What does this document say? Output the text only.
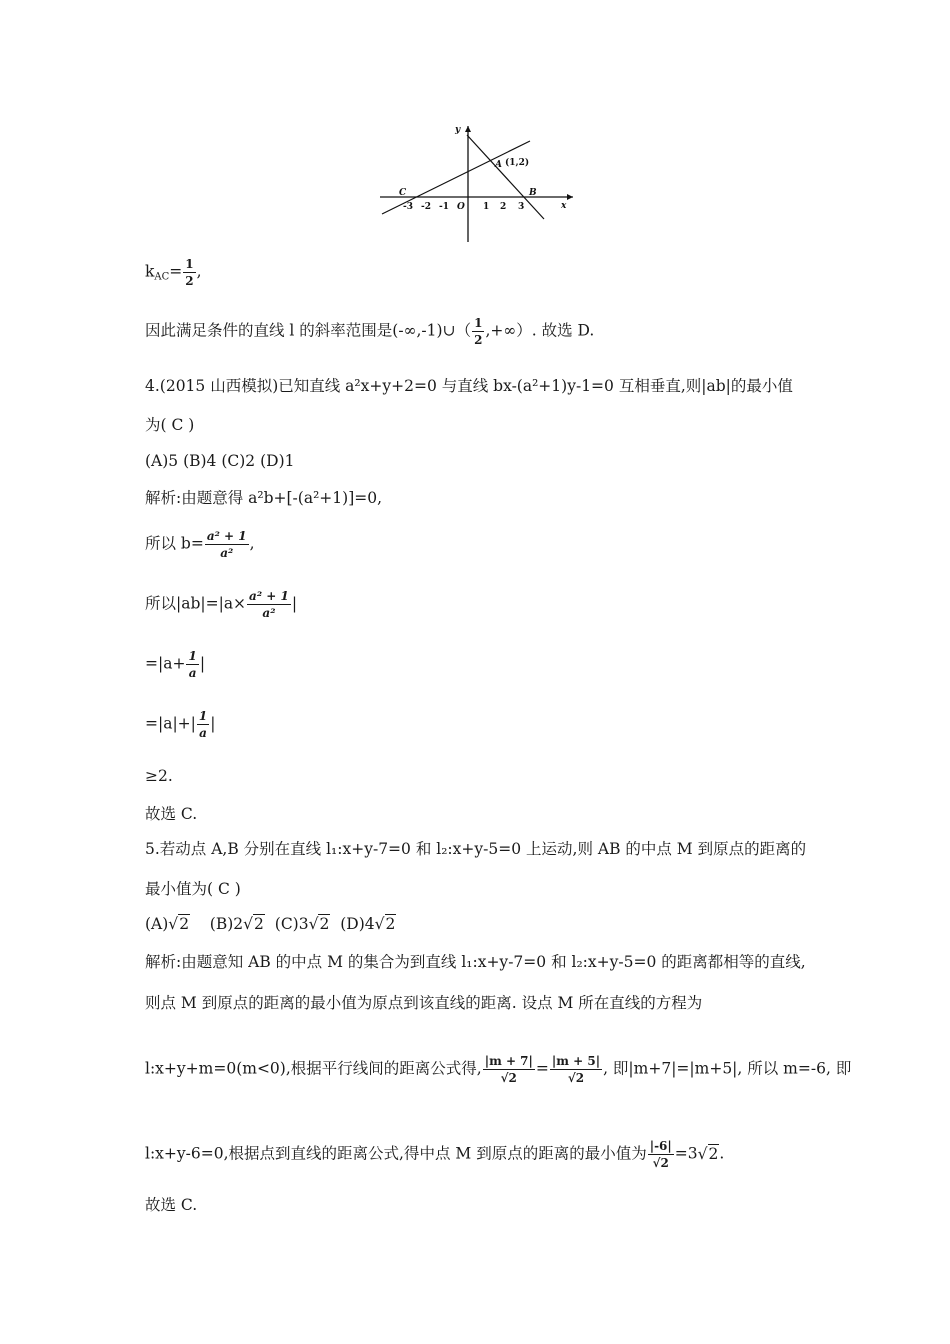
y
x
O
A (1,2)
B
C
-3 -2 -1	1 2 3
$k_{AC}= \frac{1}{2}$ ,
因此满足条件的直线 l 的斜率范围是(-∞,-1)∪（ $\frac{1}{2}$ ,+∞）. 故选 D.
4.(2015 山西模拟)已知直线 a²x+y+2=0 与直线 bx-(a²+1)y-1=0 互相垂直,则|ab|的最小值
为( C )
(A)5 (B)4 (C)2 (D)1
解析:由题意得 a²b+[-(a²+1)]=0,
所以 $b= \frac{\text{a² + 1}}{\text{a²}}$ ,
所以$|ab|=|a\times \frac{\text{a² + 1}}{\text{a²}}$ |
$=|a+ \frac{1}{a}$ |
$=|a|+| \frac{1}{a}$ |
≥2.
故选 C.
5.若动点 A,B 分别在直线 l₁:x+y-7=0 和 l₂:x+y-5=0 上运动,则 AB 的中点 M 到原点的距离的
最小值为( C )
(A)√2 (B)2√2 (C)3√2 (D)4√2
解析:由题意知 AB 的中点 M 的集合为到直线 l₁:x+y-7=0 和 l₂:x+y-5=0 的距离都相等的直线,
则点 M 到原点的距离的最小值为原点到该直线的距离. 设点 M 所在直线的方程为
l:x+y+m=0(m<0),根据平行线间的距离公式得, $\frac{|m + 7|}{√2} = \frac{|m + 5|}{√2}$ , 即|m+7|=|m+5|, 所以 m=-6, 即
l:x+y-6=0,根据点到直线的距离公式,得中点 M 到原点的距离的最小值为 $\frac{|-6|}{√2} =3√2$.
故选 C.
